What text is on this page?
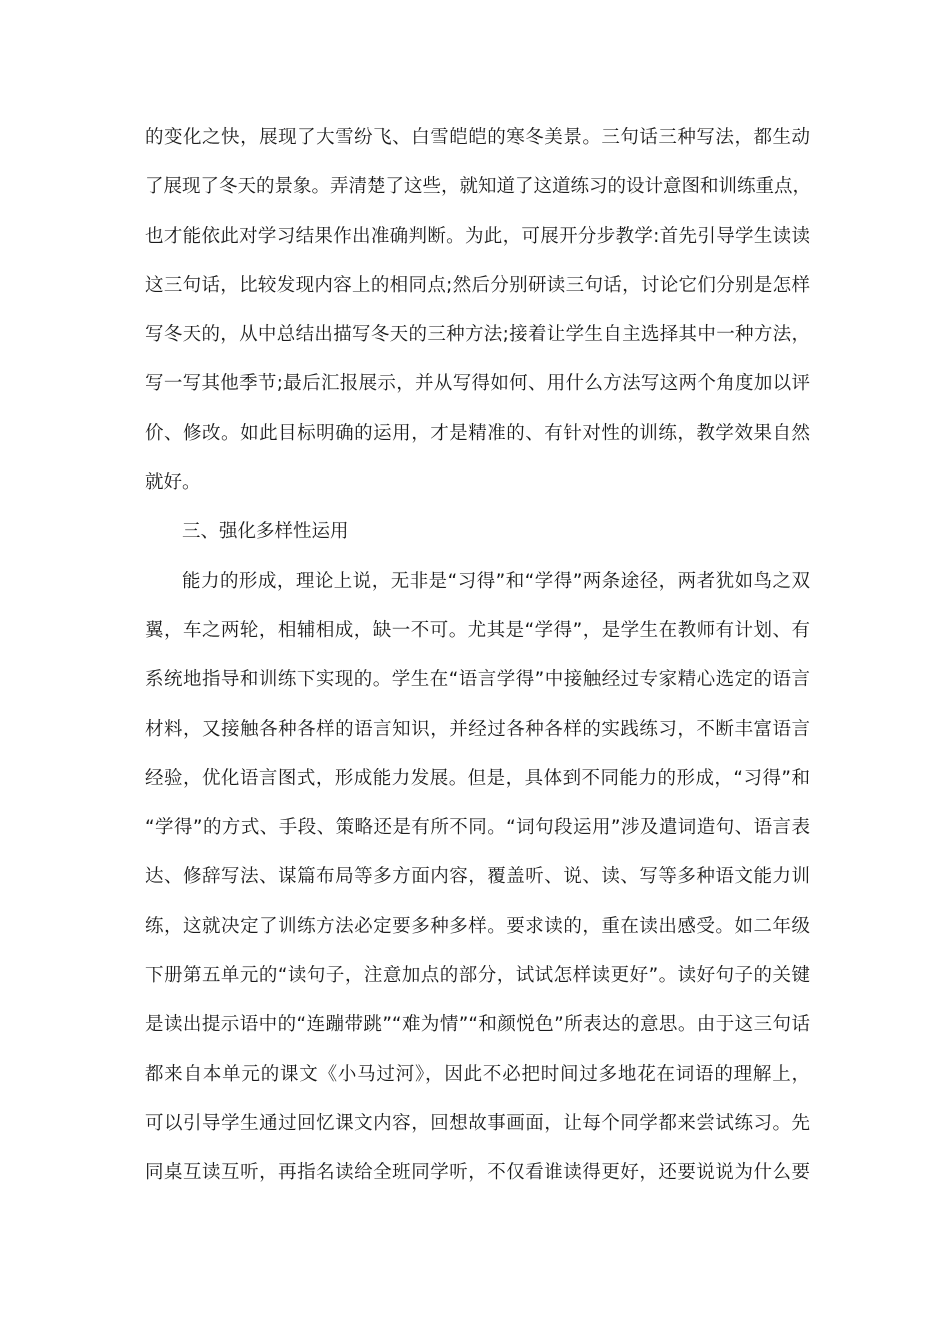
的变化之快，展现了大雪纷飞、白雪皑皑的寒冬美景。三句话三种写法，都生动
了展现了冬天的景象。弄清楚了这些，就知道了这道练习的设计意图和训练重点，
也才能依此对学习结果作出准确判断。为此，可展开分步教学:首先引导学生读读
这三句话，比较发现内容上的相同点;然后分别研读三句话，讨论它们分别是怎样
写冬天的，从中总结出描写冬天的三种方法;接着让学生自主选择其中一种方法，
写一写其他季节;最后汇报展示，并从写得如何、用什么方法写这两个角度加以评
价、修改。如此目标明确的运用，才是精准的、有针对性的训练，教学效果自然
就好。
三、强化多样性运用
能力的形成，理论上说，无非是“习得”和“学得”两条途径，两者犹如鸟之双
翼，车之两轮，相辅相成，缺一不可。尤其是“学得”，是学生在教师有计划、有
系统地指导和训练下实现的。学生在“语言学得”中接触经过专家精心选定的语言
材料，又接触各种各样的语言知识，并经过各种各样的实践练习，不断丰富语言
经验，优化语言图式，形成能力发展。但是，具体到不同能力的形成，“习得”和
“学得”的方式、手段、策略还是有所不同。“词句段运用”涉及遣词造句、语言表
达、修辞写法、谋篇布局等多方面内容，覆盖听、说、读、写等多种语文能力训
练，这就决定了训练方法必定要多种多样。要求读的，重在读出感受。如二年级
下册第五单元的“读句子，注意加点的部分，试试怎样读更好”。读好句子的关键
是读出提示语中的“连蹦带跳”“难为情”“和颜悦色”所表达的意思。由于这三句话
都来自本单元的课文《小马过河》，因此不必把时间过多地花在词语的理解上，
可以引导学生通过回忆课文内容，回想故事画面，让每个同学都来尝试练习。先
同桌互读互听，再指名读给全班同学听，不仅看谁读得更好，还要说说为什么要
